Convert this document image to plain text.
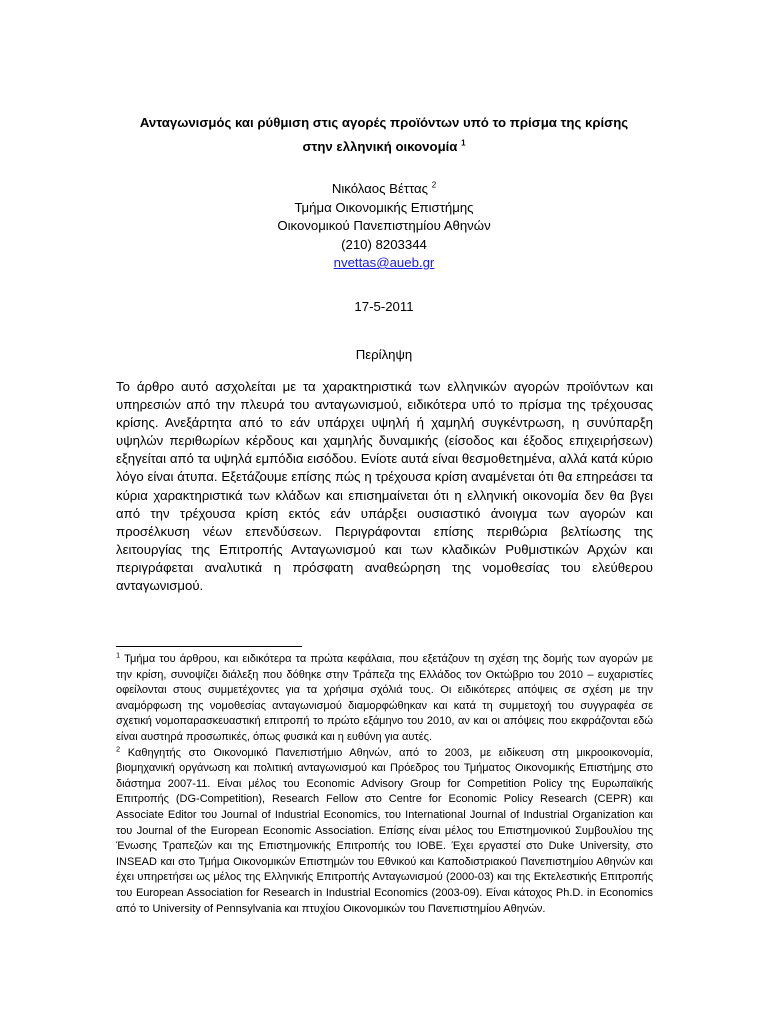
Ανταγωνισμός και ρύθμιση στις αγορές προϊόντων υπό το πρίσμα της κρίσης
στην ελληνική οικονομία $^1$
Νικόλαος Βέττας $^2$
Τμήμα Οικονομικής Επιστήμης
Οικονομικού Πανεπιστημίου Αθηνών
(210) 8203344
nvettas@aueb.gr
17-5-2011
Περίληψη

Το άρθρο αυτό ασχολείται με τα χαρακτηριστικά των ελληνικών αγορών προϊόντων και υπηρεσιών από την πλευρά του ανταγωνισμού, ειδικότερα υπό το πρίσμα της τρέχουσας κρίσης. Ανεξάρτητα από το εάν υπάρχει υψηλή ή χαμηλή συγκέντρωση, η συνύπαρξη υψηλών περιθωρίων κέρδους και χαμηλής δυναμικής (είσοδος και έξοδος επιχειρήσεων) εξηγείται από τα υψηλά εμπόδια εισόδου. Ενίοτε αυτά είναι θεσμοθετημένα, αλλά κατά κύριο λόγο είναι άτυπα. Εξετάζουμε επίσης πώς η τρέχουσα κρίση αναμένεται ότι θα επηρεάσει τα κύρια χαρακτηριστικά των κλάδων και επισημαίνεται ότι η ελληνική οικονομία δεν θα βγει από την τρέχουσα κρίση εκτός εάν υπάρξει ουσιαστικό άνοιγμα των αγορών και προσέλκυση νέων επενδύσεων. Περιγράφονται επίσης περιθώρια βελτίωσης της λειτουργίας της Επιτροπής Ανταγωνισμού και των κλαδικών Ρυθμιστικών Αρχών και περιγράφεται αναλυτικά η πρόσφατη αναθεώρηση της νομοθεσίας του ελεύθερου ανταγωνισμού.

$^1$ Τμήμα του άρθρου, και ειδικότερα τα πρώτα κεφάλαια, που εξετάζουν τη σχέση της δομής των αγορών με την κρίση, συνοψίζει διάλεξη που δόθηκε στην Τράπεζα της Ελλάδος τον Οκτώβριο του 2010 – ευχαριστίες οφείλονται στους συμμετέχοντες για τα χρήσιμα σχόλιά τους. Οι ειδικότερες απόψεις σε σχέση με την αναμόρφωση της νομοθεσίας ανταγωνισμού διαμορφώθηκαν και κατά τη συμμετοχή του συγγραφέα σε σχετική νομοπαρασκευαστική επιτροπή το πρώτο εξάμηνο του 2010, αν και οι απόψεις που εκφράζονται εδώ είναι αυστηρά προσωπικές, όπως φυσικά και η ευθύνη για αυτές.

$^2$ Καθηγητής στο Οικονομικό Πανεπιστήμιο Αθηνών, από το 2003, με ειδίκευση στη μικροοικονομία, βιομηχανική οργάνωση και πολιτική ανταγωνισμού και Πρόεδρος του Τμήματος Οικονομικής Επιστήμης στο διάστημα 2007-11. Είναι μέλος του Economic Advisory Group for Competition Policy της Ευρωπαϊκής Επιτροπής (DG-Competition), Research Fellow στο Centre for Economic Policy Research (CEPR) και Associate Editor του Journal of Industrial Economics, του International Journal of Industrial Organization και του Journal of the European Economic Association. Επίσης είναι μέλος του Επιστημονικού Συμβουλίου της Ένωσης Τραπεζών και της Επιστημονικής Επιτροπής του ΙΟΒΕ. Έχει εργαστεί στο Duke University, στο INSEAD και στο Τμήμα Οικονομικών Επιστημών του Εθνικού και Καποδιστριακού Πανεπιστημίου Αθηνών και έχει υπηρετήσει ως μέλος της Ελληνικής Επιτροπής Ανταγωνισμού (2000-03) και της Εκτελεστικής Επιτροπής του European Association for Research in Industrial Economics (2003-09). Είναι κάτοχος Ph.D. in Economics από το University of Pennsylvania και πτυχίου Οικονομικών του Πανεπιστημίου Αθηνών.
